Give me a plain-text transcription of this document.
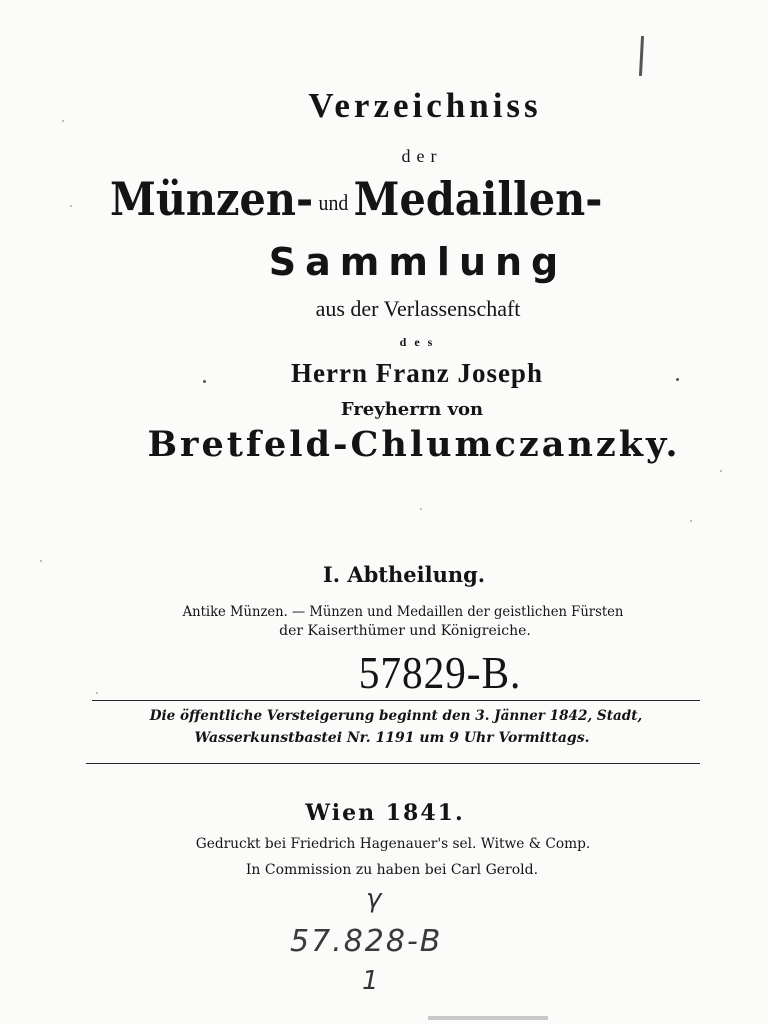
Verzeichniss
der
Münzen- und Medaillen-
Sammlung
aus der Verlassenschaft
des
Herrn Franz Joseph
Freyherrn von
Bretfeld-Chlumczanzky.
I. Abtheilung.
Antike Münzen. — Münzen und Medaillen der geistlichen Fürsten
der Kaiserthümer und Königreiche.
57829-B.
Die öffentliche Versteigerung beginnt den 3. Jänner 1842, Stadt,
Wasserkunstbastei Nr. 1191 um 9 Uhr Vormittags.
Wien 1841.
Gedruckt bei Friedrich Hagenauer's sel. Witwe & Comp.
In Commission zu haben bei Carl Gerold.
γ
57.828-B
1
